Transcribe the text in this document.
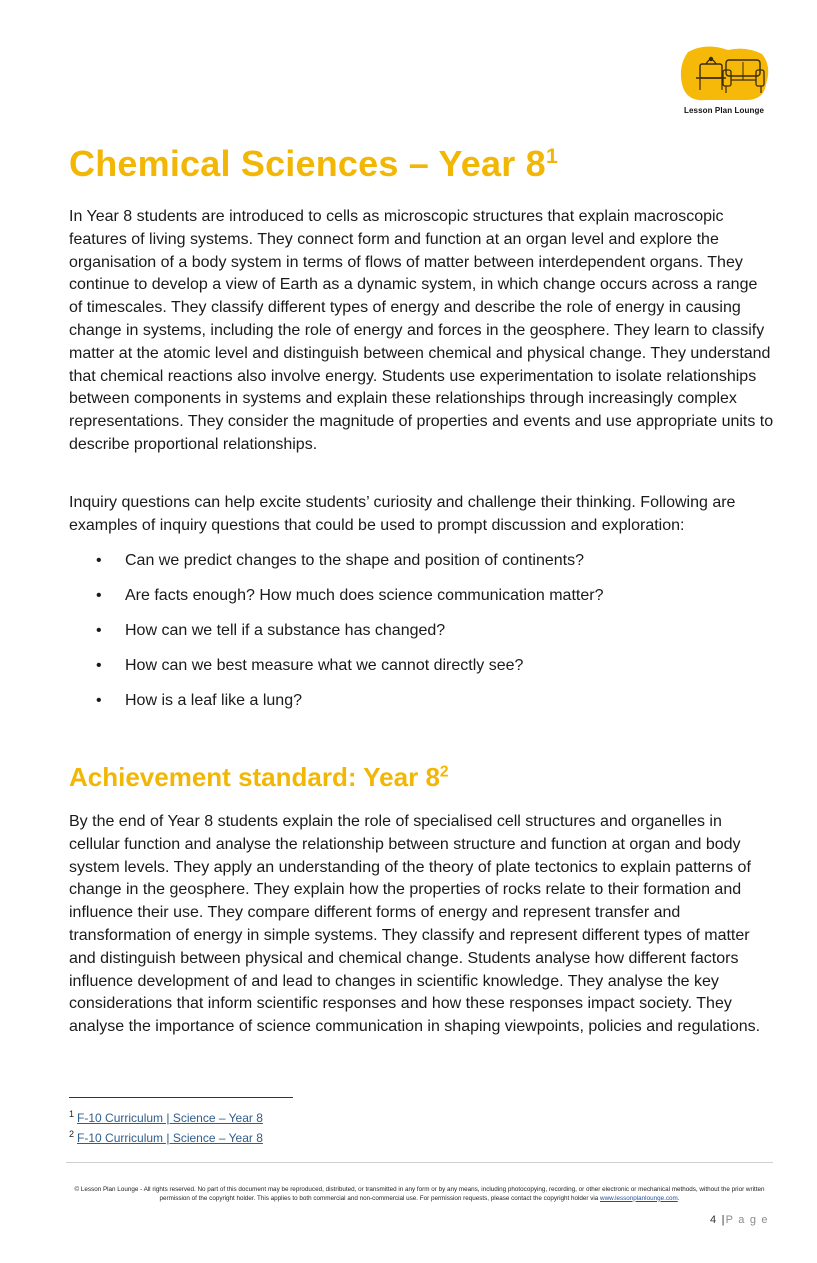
Lesson Plan Lounge
Chemical Sciences – Year $8^1$

In Year 8 students are introduced to cells as microscopic structures that explain macroscopic features of living systems. They connect form and function at an organ level and explore the organisation of a body system in terms of flows of matter between interdependent organs. They continue to develop a view of Earth as a dynamic system, in which change occurs across a range of timescales. They classify different types of energy and describe the role of energy in causing change in systems, including the role of energy and forces in the geosphere. They learn to classify matter at the atomic level and distinguish between chemical and physical change. They understand that chemical reactions also involve energy. Students use experimentation to isolate relationships between components in systems and explain these relationships through increasingly complex representations. They consider the magnitude of properties and events and use appropriate units to describe proportional relationships.

Inquiry questions can help excite students’ curiosity and challenge their thinking. Following are examples of inquiry questions that could be used to prompt discussion and exploration:

• Can we predict changes to the shape and position of continents?
• Are facts enough? How much does science communication matter?
• How can we tell if a substance has changed?
• How can we best measure what we cannot directly see?
• How is a leaf like a lung?
Achievement standard: Year $8^2$

By the end of Year 8 students explain the role of specialised cell structures and organelles in cellular function and analyse the relationship between structure and function at organ and body system levels. They apply an understanding of the theory of plate tectonics to explain patterns of change in the geosphere. They explain how the properties of rocks relate to their formation and influence their use. They compare different forms of energy and represent transfer and transformation of energy in simple systems. They classify and represent different types of matter and distinguish between physical and chemical change. Students analyse how different factors influence development of and lead to changes in scientific knowledge. They analyse the key considerations that inform scientific responses and how these responses impact society. They analyse the importance of science communication in shaping viewpoints, policies and regulations.

$^1$ F-10 Curriculum | Science – Year 8
$^2$ F-10 Curriculum | Science – Year 8
© Lesson Plan Lounge - All rights reserved. No part of this document may be reproduced, distributed, or transmitted in any form or by any means, including photocopying, recording, or other electronic or mechanical methods, without the prior written permission of the copyright holder. This applies to both commercial and non-commercial use. For permission requests, please contact the copyright holder via www.lessonplanlounge.com.
4 |P a g e
